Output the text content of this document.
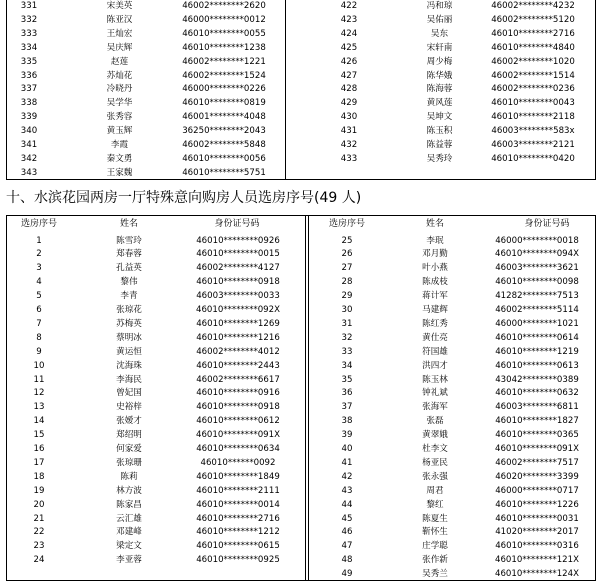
331	宋美英	46002********2620
332	陈亚汉	46000********0012
333	王灿宏	46010********0055
334	吴庆辉	46010********1238
335	赵莲	46002********1221
336	苏灿花	46002********1524
337	冷晓丹	46000********0226
338	吴学华	46010********0819
339	张秀容	46001********4048
340	黄玉辉	36250********2043
341	李霞	46002********5848
342	秦文勇	46010********0056
343	王家魏	46010********5751
422	冯和琼	46002********4232
423	吴佑丽	46002********5120
424	吴东	46010********2716
425	宋轩南	46010********4840
426	周少梅	46002********1020
427	陈华娥	46002********1514
428	陈海蓉	46002********0236
429	黄风莲	46010********0043
430	吴坤文	46010********2118
431	陈玉积	46003********583x
432	陈益蓉	46003********2121
433	吴秀玲	46010********0420
十、水滨花园两房一厅特殊意向购房人员选房序号(49 人)
选房序号	姓名	身份证号码	选房序号	姓名	身份证号码
1	陈雪玲	46010********0926
2	郑春蓉	46010********0015
3	孔益英	46002********4127
4	黎伟	46010********0918
5	李青	46003********0033
6	张琼花	46010********092X
7	苏梅英	46010********1269
8	蔡明冰	46010********1216
9	黄运恒	46002********4012
10	沈海珠	46010********2443
11	李海民	46002********6617
12	曾妃国	46010********0916
13	史裕梓	46010********0918
14	张嫒才	46010********0612
15	郑绍明	46010********091X
16	何家爱	46010********0634
17	张琼珊	46010******0092
18	陈莉	46010********1849
19	林方波	46010********2111
20	陈家昌	46010********0014
21	云汇雄	46010********2716
22	邓建峰	46010********1212
23	梁定文	46010********0615
24	李亚蓉	46010********0925
25	李珉	46000********0018
26	邓月勤	46010********094X
27	叶小燕	46003********3621
28	陈成枝	46010********0098
29	蒋计军	41282********7513
30	马建辉	46002********5114
31	陈红秀	46000********1021
32	黄仕亮	46010********0614
33	符国雄	46010********1219
34	洪四才	46010********0613
35	陈玉林	43042********0389
36	钟礼斌	46010********0632
37	张海军	46003********6811
38	张磊	46010********1827
39	黄翠娥	46010********0365
40	杜李文	46010********091X
41	杨亚民	46002********7517
42	张永强	46020********3399
43	周君	46000********0717
44	黎红	46010********1226
45	陈夏生	46010********0031
46	靳怀生	41020********2017
47	庄学聪	46010********0316
48	张作新	46010********121X
49	吴秀兰	46010********124X
